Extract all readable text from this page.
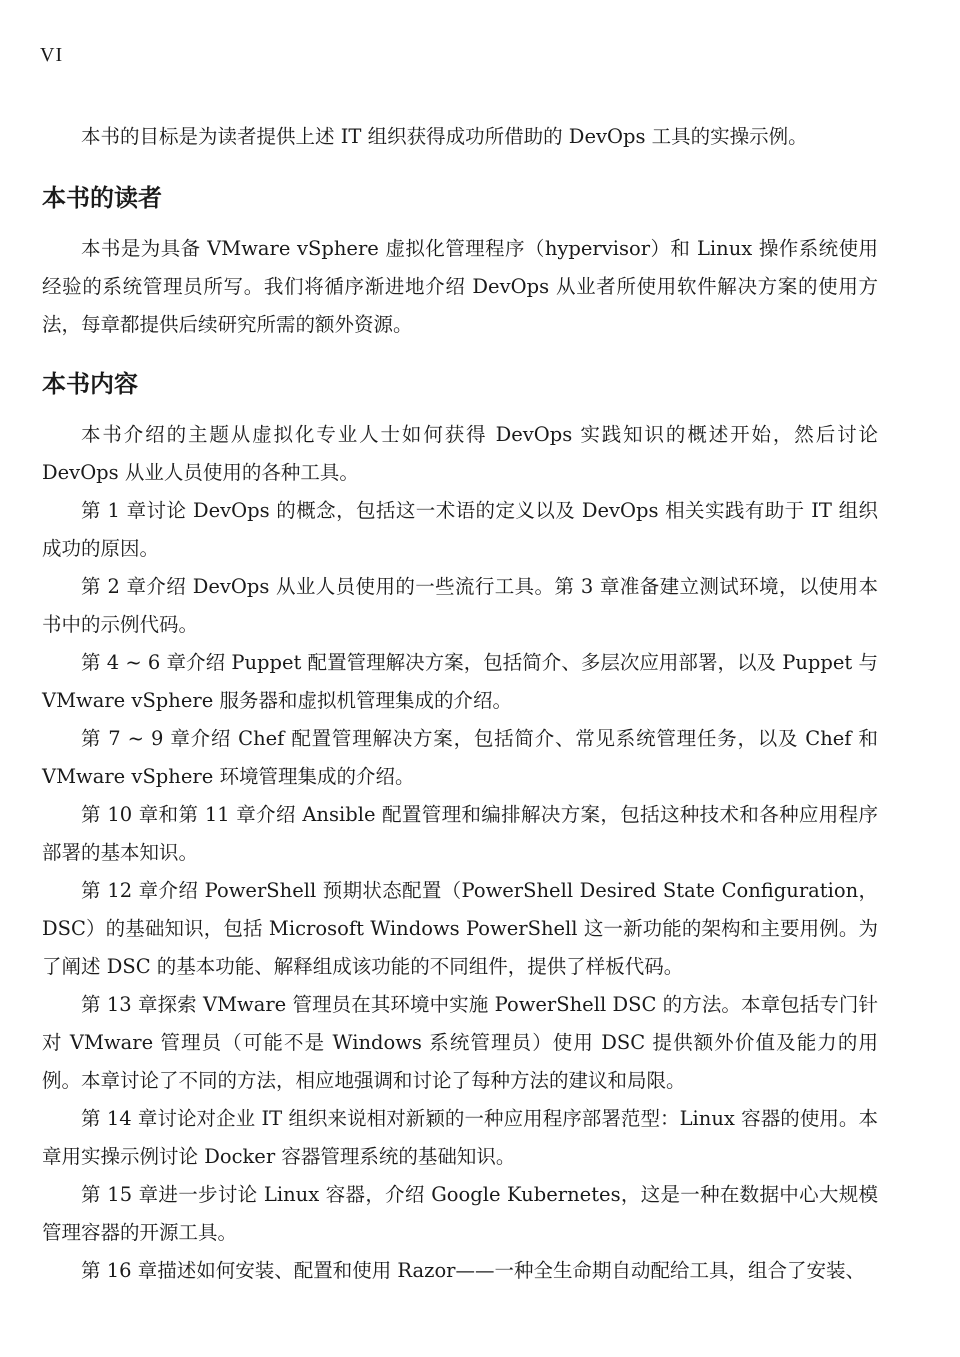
VI

本书的目标是为读者提供上述 IT 组织获得成功所借助的 DevOps 工具的实操示例。

本书的读者

本书是为具备 VMware vSphere 虚拟化管理程序（hypervisor）和 Linux 操作系统使用经验的系统管理员所写。我们将循序渐进地介绍 DevOps 从业者所使用软件解决方案的使用方法，每章都提供后续研究所需的额外资源。

本书内容

本书介绍的主题从虚拟化专业人士如何获得 DevOps 实践知识的概述开始，然后讨论 DevOps 从业人员使用的各种工具。

第 1 章讨论 DevOps 的概念，包括这一术语的定义以及 DevOps 相关实践有助于 IT 组织成功的原因。

第 2 章介绍 DevOps 从业人员使用的一些流行工具。第 3 章准备建立测试环境，以使用本书中的示例代码。

第 4 ~ 6 章介绍 Puppet 配置管理解决方案，包括简介、多层次应用部署，以及 Puppet 与 VMware vSphere 服务器和虚拟机管理集成的介绍。

第 7 ~ 9 章介绍 Chef 配置管理解决方案，包括简介、常见系统管理任务，以及 Chef 和 VMware vSphere 环境管理集成的介绍。

第 10 章和第 11 章介绍 Ansible 配置管理和编排解决方案，包括这种技术和各种应用程序部署的基本知识。

第 12 章介绍 PowerShell 预期状态配置（PowerShell Desired State Configuration，DSC）的基础知识，包括 Microsoft Windows PowerShell 这一新功能的架构和主要用例。为了阐述 DSC 的基本功能、解释组成该功能的不同组件，提供了样板代码。

第 13 章探索 VMware 管理员在其环境中实施 PowerShell DSC 的方法。本章包括专门针对 VMware 管理员（可能不是 Windows 系统管理员）使用 DSC 提供额外价值及能力的用例。本章讨论了不同的方法，相应地强调和讨论了每种方法的建议和局限。

第 14 章讨论对企业 IT 组织来说相对新颖的一种应用程序部署范型：Linux 容器的使用。本章用实操示例讨论 Docker 容器管理系统的基础知识。

第 15 章进一步讨论 Linux 容器，介绍 Google Kubernetes，这是一种在数据中心大规模管理容器的开源工具。

第 16 章描述如何安装、配置和使用 Razor——一种全生命期自动配给工具，组合了安装、
